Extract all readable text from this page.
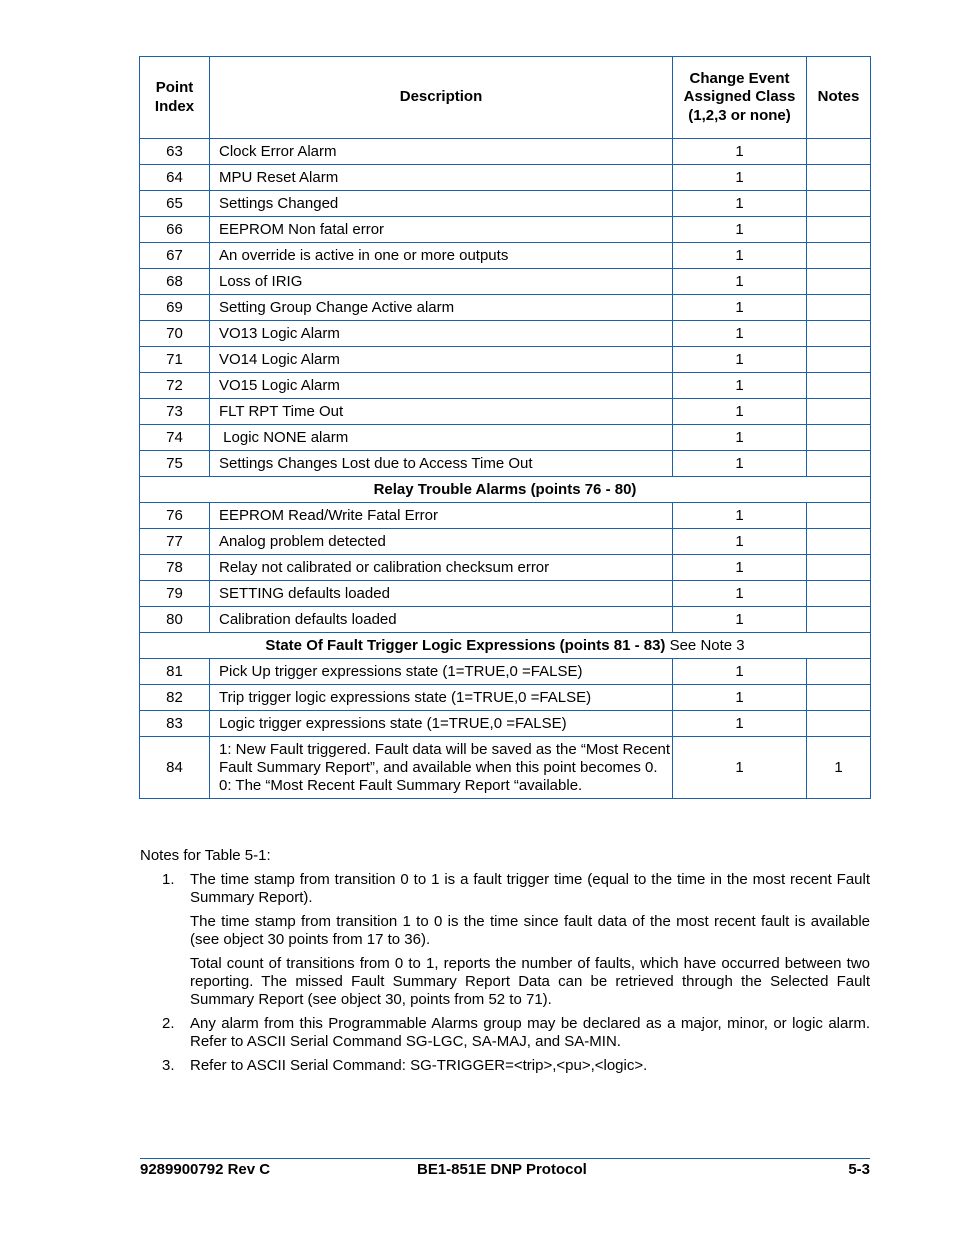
Point Index	Description	Change Event Assigned Class (1,2,3 or none)	Notes
63	Clock Error Alarm	1	
64	MPU Reset Alarm	1	
65	Settings Changed	1	
66	EEPROM Non fatal error	1	
67	An override is active in one or more outputs	1	
68	Loss of IRIG	1	
69	Setting Group Change Active alarm	1	
70	VO13 Logic Alarm	1	
71	VO14 Logic Alarm	1	
72	VO15 Logic Alarm	1	
73	FLT RPT Time Out	1	
74	Logic NONE alarm	1	
75	Settings Changes Lost due to Access Time Out	1	
Relay Trouble Alarms (points 76 - 80)			
76	EEPROM Read/Write Fatal Error	1	
77	Analog problem detected	1	
78	Relay not calibrated or calibration checksum error	1	
79	SETTING defaults loaded	1	
80	Calibration defaults loaded	1	
State Of Fault Trigger Logic Expressions (points 81 - 83) See Note 3			
81	Pick Up trigger expressions state (1=TRUE,0 =FALSE)	1	
82	Trip trigger logic expressions state (1=TRUE,0 =FALSE)	1	
83	Logic trigger expressions state (1=TRUE,0 =FALSE)	1	
84	1: New Fault triggered. Fault data will be saved as the “Most Recent Fault Summary Report”, and available when this point becomes 0.
0: The “Most Recent Fault Summary Report “available.	1	1
Notes for Table 5-1:
1. The time stamp from transition 0 to 1 is a fault trigger time (equal to the time in the most recent Fault Summary Report).
The time stamp from transition 1 to 0 is the time since fault data of the most recent fault is available (see object 30 points from 17 to 36).
Total count of transitions from 0 to 1, reports the number of faults, which have occurred between two reporting. The missed Fault Summary Report Data can be retrieved through the Selected Fault Summary Report (see object 30, points from 52 to 71).
2. Any alarm from this Programmable Alarms group may be declared as a major, minor, or logic alarm. Refer to ASCII Serial Command SG-LGC, SA-MAJ, and SA-MIN.
3. Refer to ASCII Serial Command: SG-TRIGGER=<trip>,<pu>,<logic>.
9289900792 Rev C	BE1-851E DNP Protocol	5-3
